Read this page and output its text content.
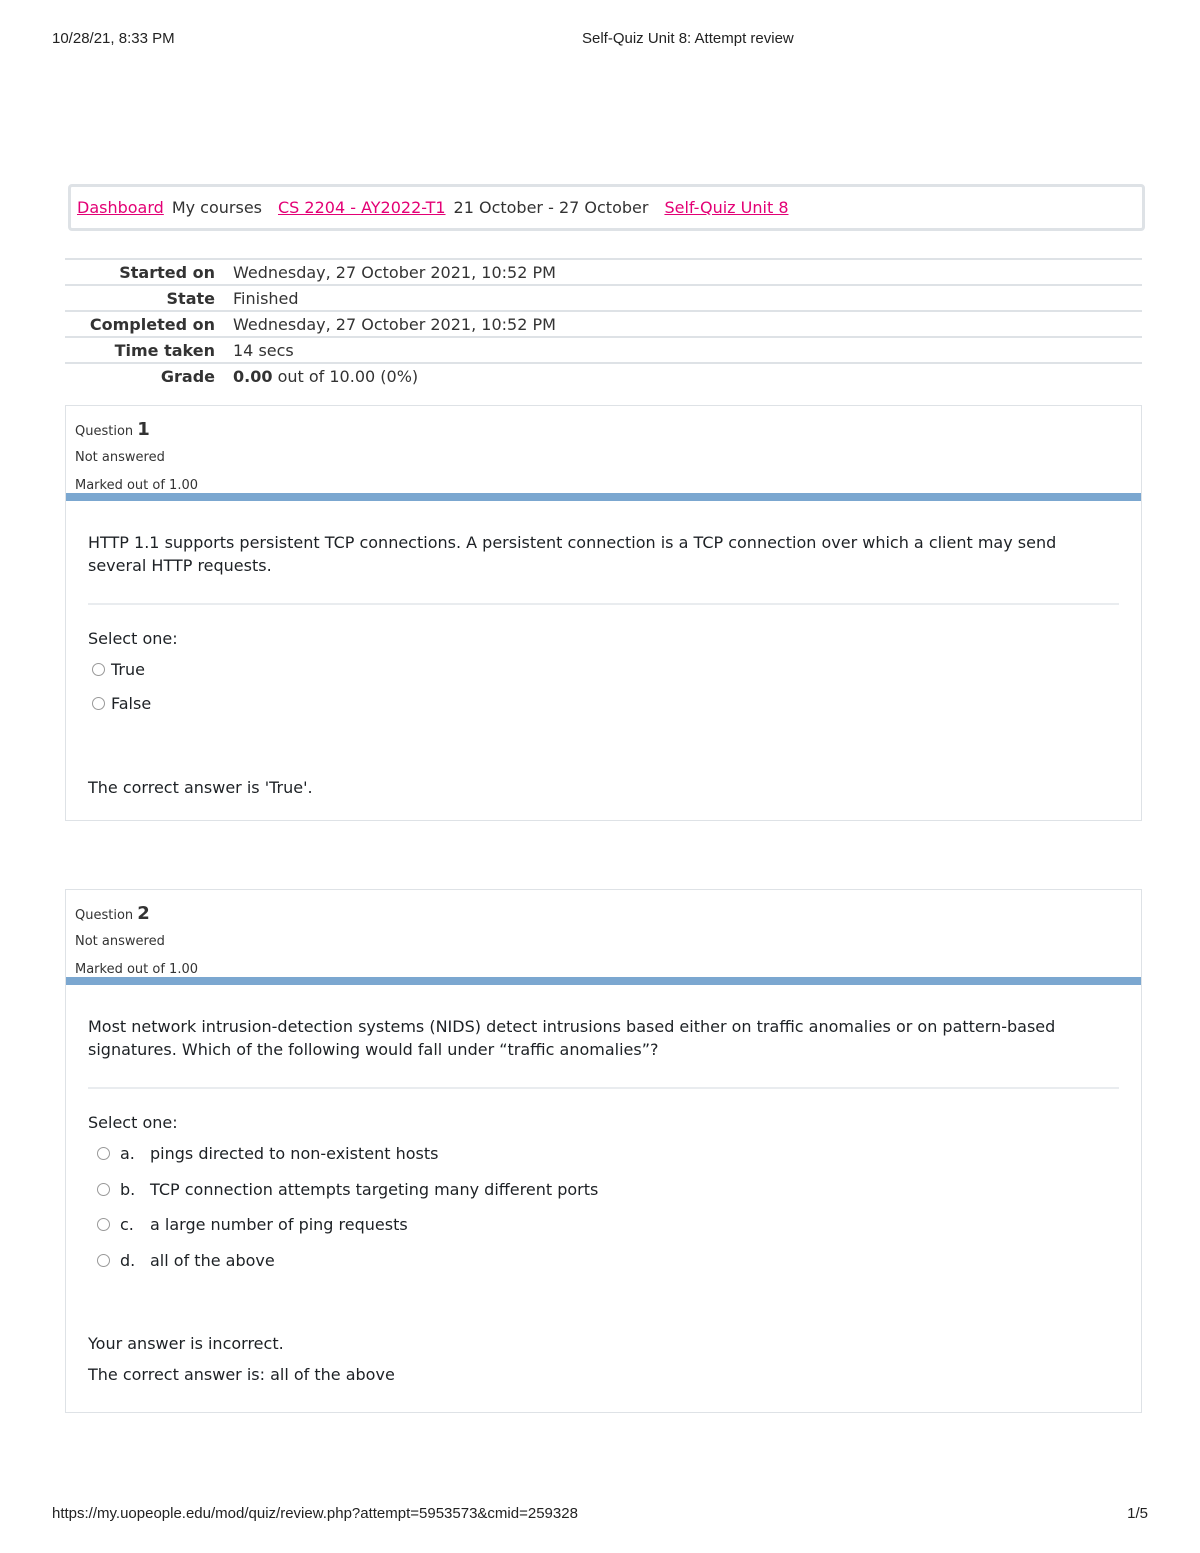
10/28/21, 8:33 PM	Self-Quiz Unit 8: Attempt review
Dashboard My courses CS 2204 - AY2022-T1 21 October - 27 October Self-Quiz Unit 8
Started on	Wednesday, 27 October 2021, 10:52 PM
State	Finished
Completed on	Wednesday, 27 October 2021, 10:52 PM
Time taken	14 secs
Grade	0.00 out of 10.00 (0%)
Question 1
Not answered
Marked out of 1.00
HTTP 1.1 supports persistent TCP connections. A persistent connection is a TCP connection over which a client may send several HTTP requests.
Select one:
True
False
The correct answer is 'True'.
Question 2
Not answered
Marked out of 1.00
Most network intrusion-detection systems (NIDS) detect intrusions based either on traffic anomalies or on pattern-based signatures. Which of the following would fall under “traffic anomalies”?
Select one:
a. pings directed to non-existent hosts
b. TCP connection attempts targeting many different ports
c.	a large number of ping requests
d. all of the above
Your answer is incorrect.
The correct answer is: all of the above
https://my.uopeople.edu/mod/quiz/review.php?attempt=5953573&cmid=259328	1/5
